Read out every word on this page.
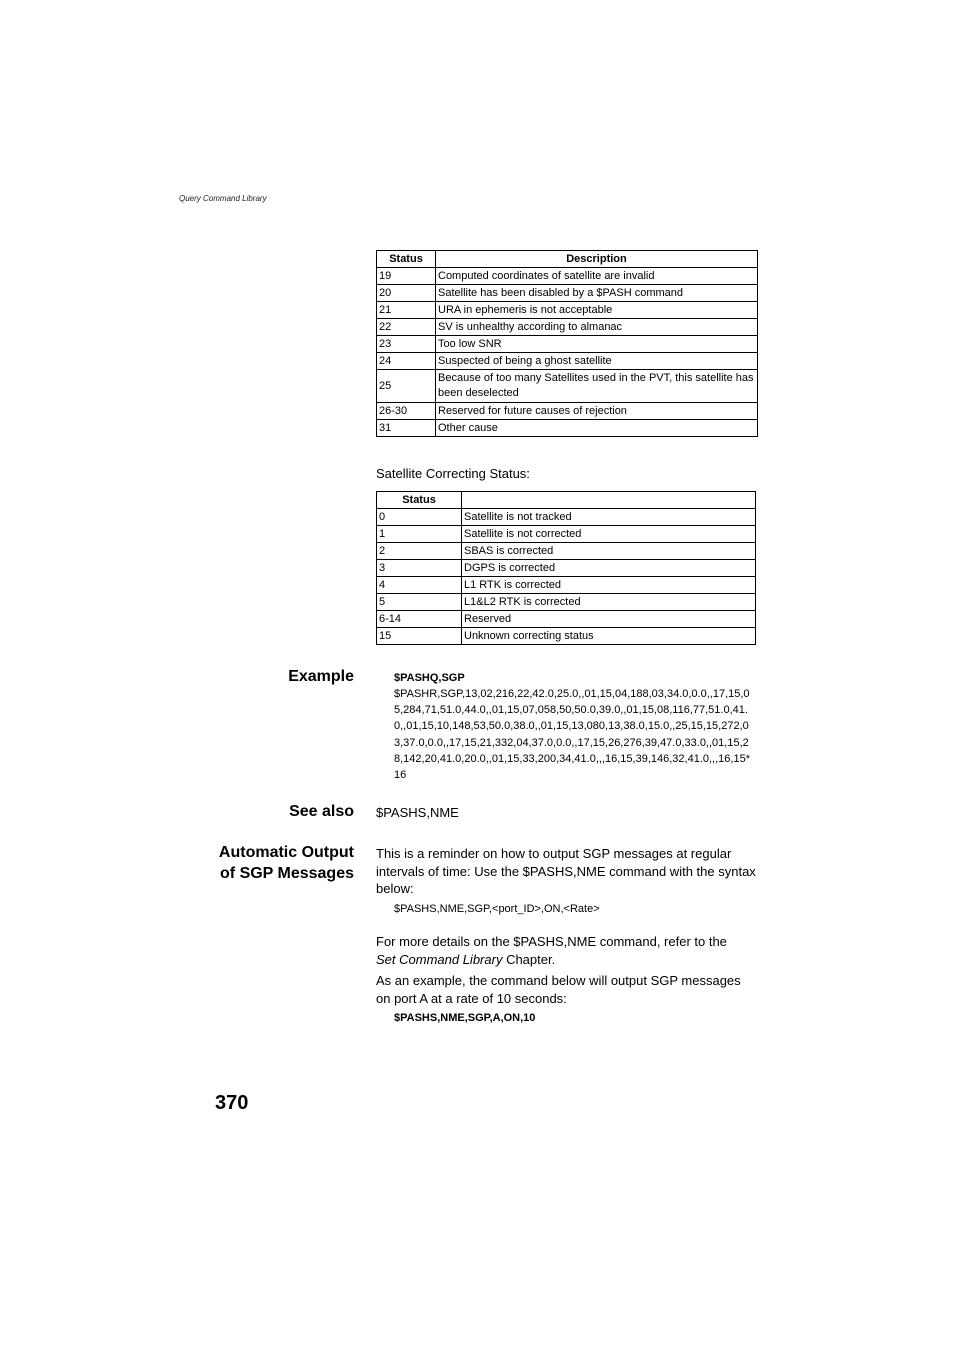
Query Command Library
Status	Description
19	Computed coordinates of satellite are invalid
20	Satellite has been disabled by a $PASH command
21	URA in ephemeris is not acceptable
22	SV is unhealthy according to almanac
23	Too low SNR
24	Suspected of being a ghost satellite
25	Because of too many Satellites used in the PVT, this satellite has been deselected
26-30	Reserved for future causes of rejection
31	Other cause
Satellite Correcting Status:
Status	
0	Satellite is not tracked
1	Satellite is not corrected
2	SBAS is corrected
3	DGPS is corrected
4	L1 RTK is corrected
5	L1&L2 RTK is corrected
6-14	Reserved
15	Unknown correcting status
Example	$PASHQ,SGP
$PASHR,SGP,13,02,216,22,42.0,25.0,,01,15,04,188,03,34.0,0.0,,17,15,05,284,71,51.0,44.0,,01,15,07,058,50,50.0,39.0,,01,15,08,116,77,51.0,41.0,,01,15,10,148,53,50.0,38.0,,01,15,13,080,13,38.0,15.0,,25,15,15,272,03,37.0,0.0,,17,15,21,332,04,37.0,0.0,,17,15,26,276,39,47.0,33.0,,01,15,28,142,20,41.0,20.0,,01,15,33,200,34,41.0,,,16,15,39,146,32,41.0,,,16,15*16
See also $PASHS,NME
Automatic Output
of SGP Messages
This is a reminder on how to output SGP messages at regular intervals of time: Use the $PASHS,NME command with the syntax below:
$PASHS,NME,SGP,<port_ID>,ON,<Rate>

For more details on the $PASHS,NME command, refer to the
Set Command Library Chapter.

As an example, the command below will output SGP messages on port A at a rate of 10 seconds:
$PASHS,NME,SGP,A,ON,10
370
